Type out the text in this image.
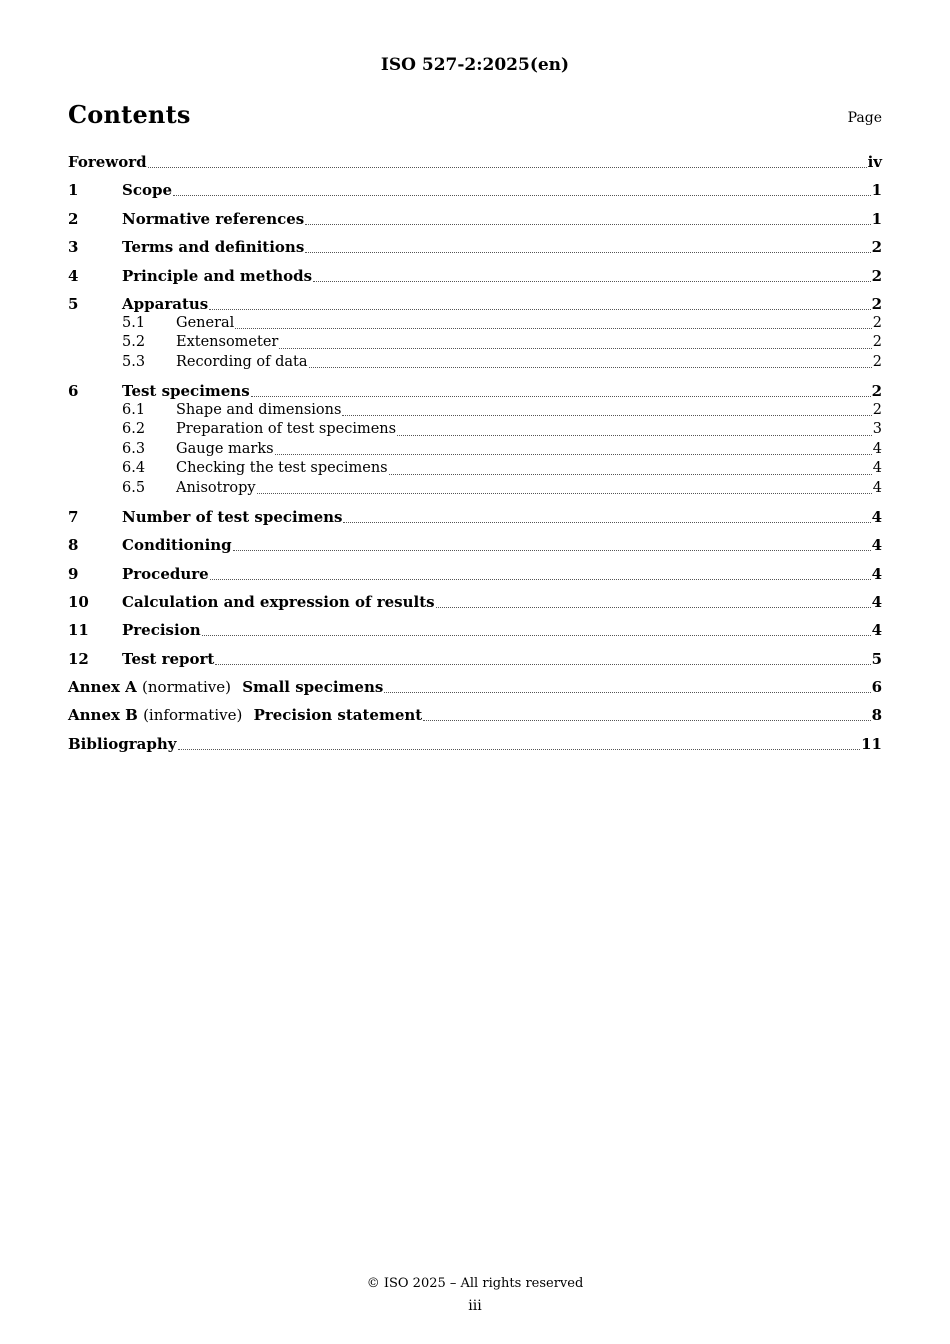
ISO 527-2:2025(en)
Contents	Page
Foreword	iv
1	Scope	1
2	Normative references	1
3	Terms and definitions	2
4	Principle and methods	2
5	Apparatus	2
5.1	General	2
5.2	Extensometer	2
5.3	Recording of data	2
6	Test specimens	2
6.1	Shape and dimensions	2
6.2	Preparation of test specimens	3
6.3	Gauge marks	4
6.4	Checking the test specimens	4
6.5	Anisotropy	4
7	Number of test specimens	4
8	Conditioning	4
9	Procedure	4
10	Calculation and expression of results	4
11	Precision	4
12	Test report	5
Annex A (normative) Small specimens	6
Annex B (informative) Precision statement	8
Bibliography	11
© ISO 2025 – All rights reserved
iii
